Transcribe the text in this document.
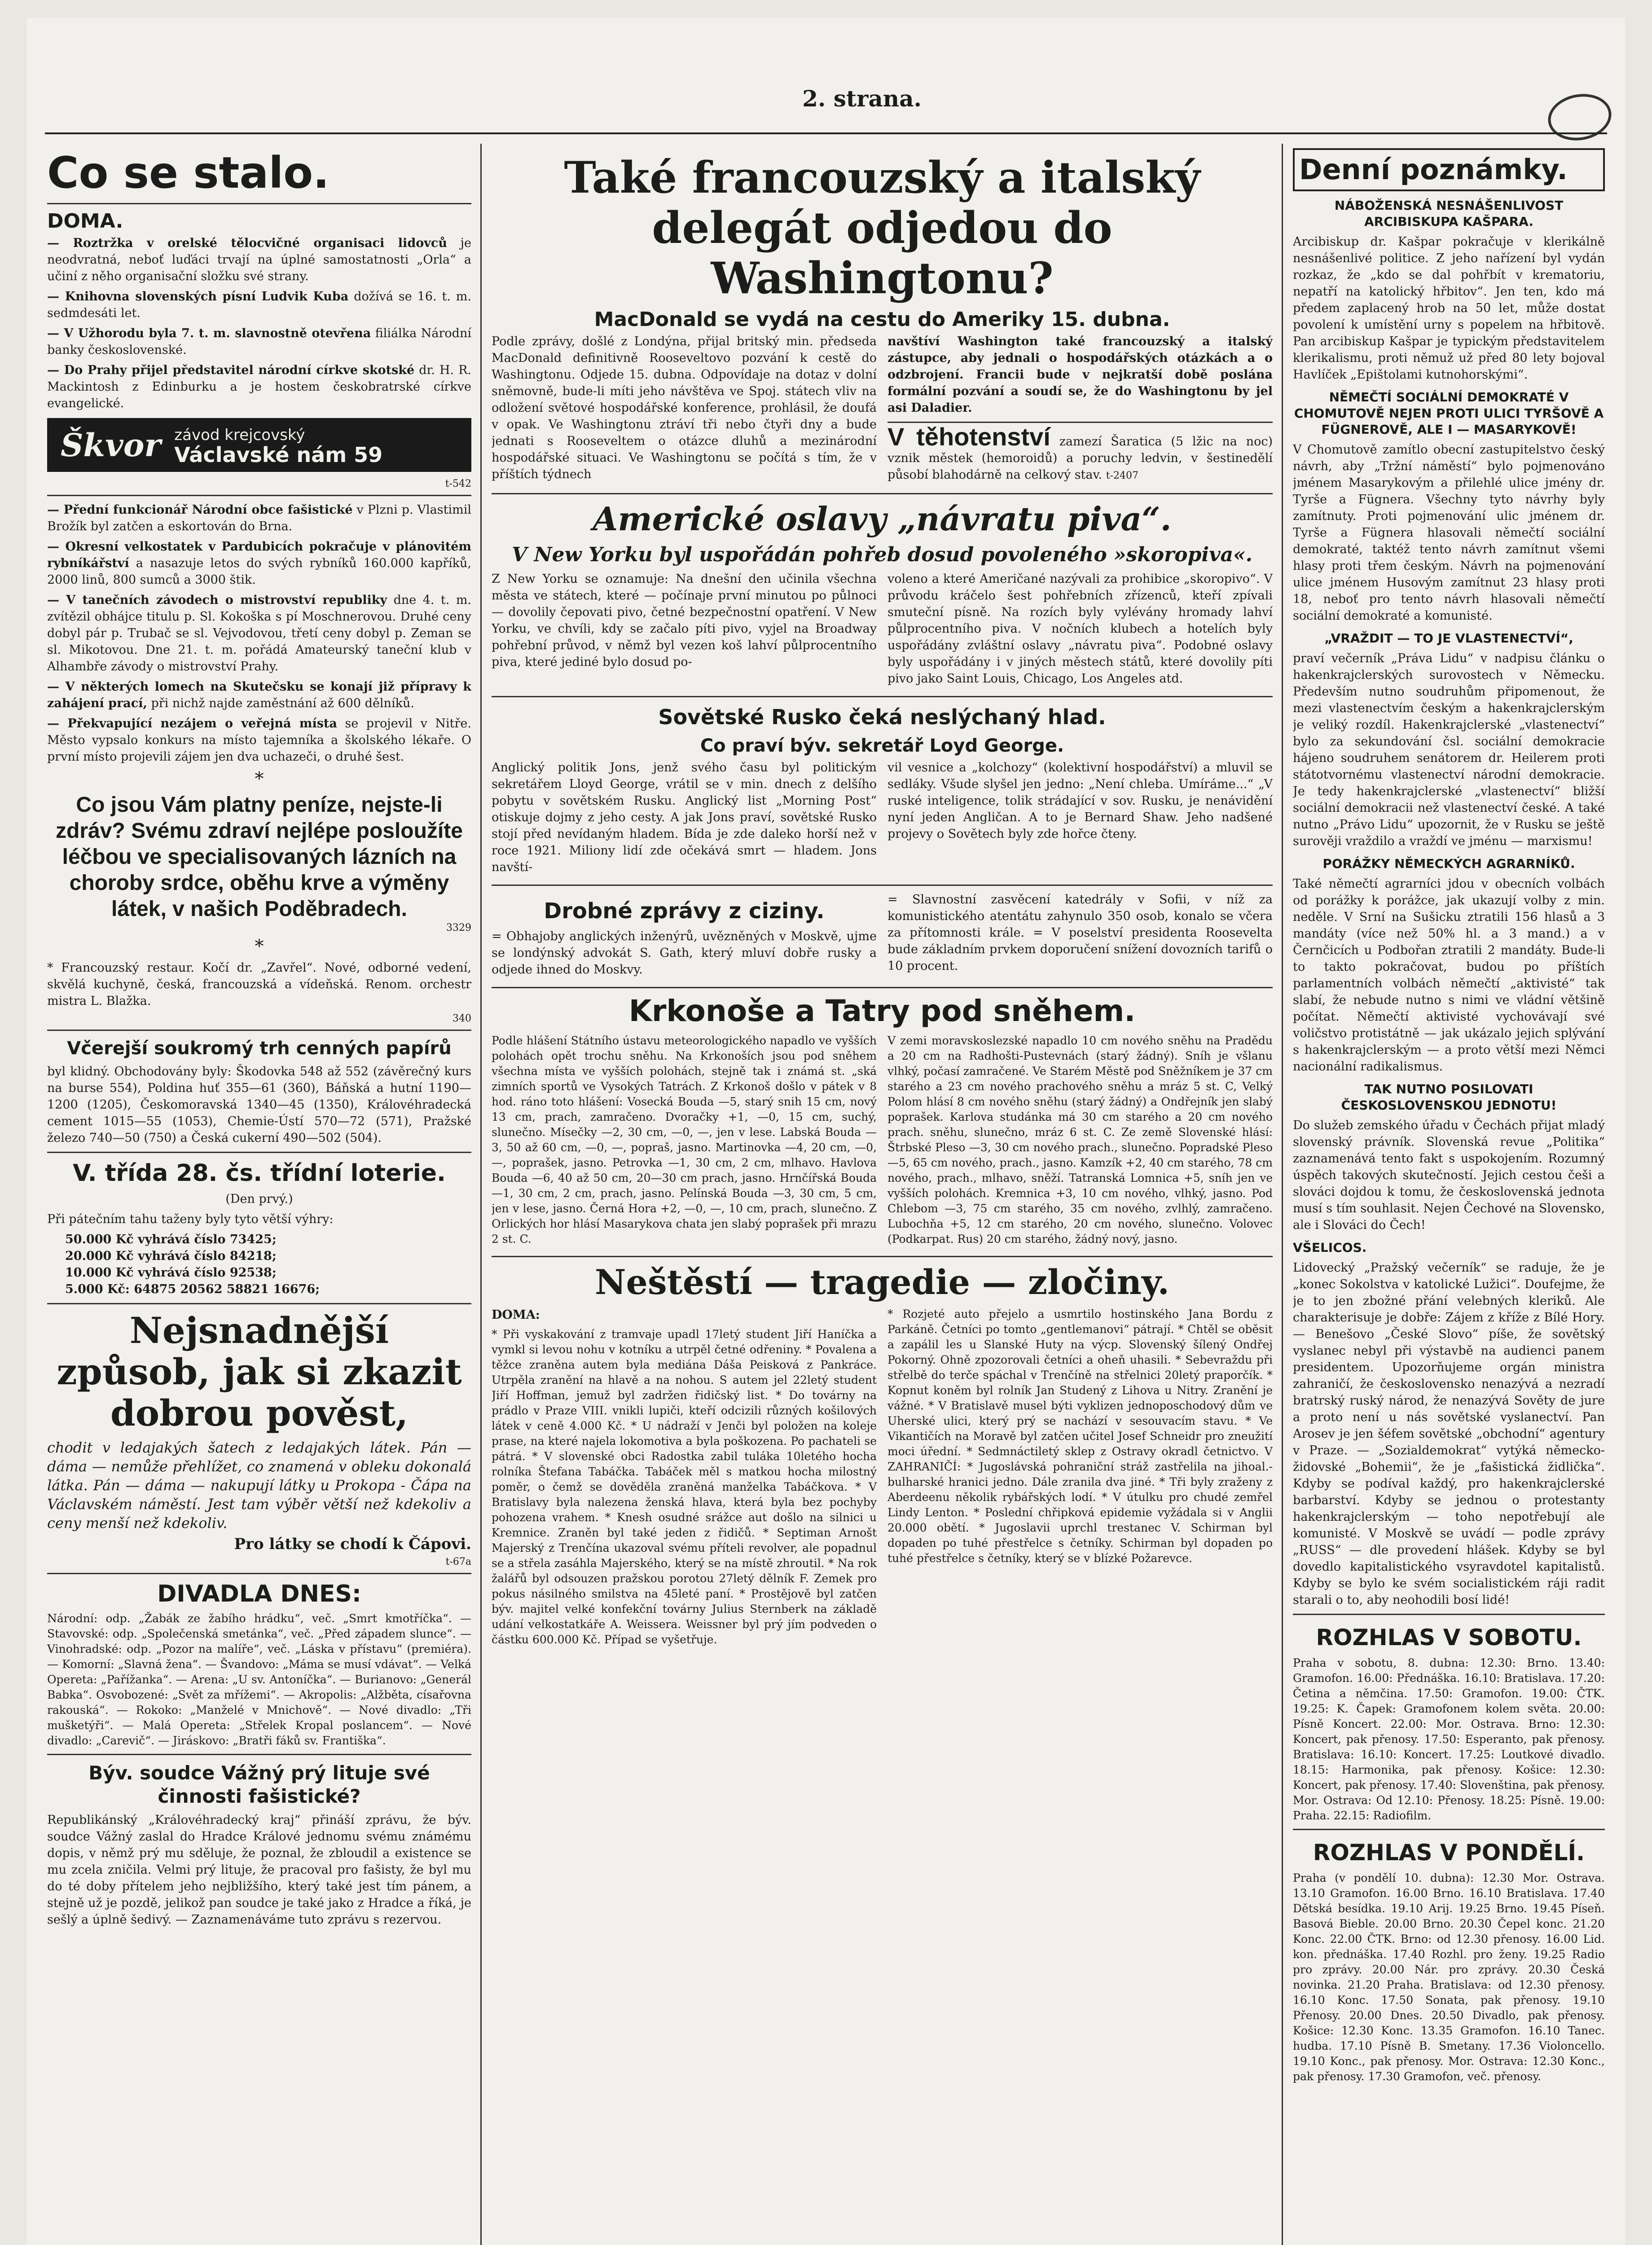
2. strana.
Co se stalo.
DOMA.
— Roztržka v orelské tělocvičné organisaci lidovců je neodvratná, neboť luďáci trvají na úplné samostatnosti „Orla“ a učiní z něho organisační složku své strany.
— Knihovna slovenských písní Ludvik Kuba dožívá se 16. t. m. sedmdesáti let.
— V Užhorodu byla 7. t. m. slavnostně otevřena filiálka Národní banky československé.
— Do Prahy přijel představitel národní církve skotské dr. H. R. Mackintosh z Edinburku a je hostem českobratrské církve evangelické.
Škvor závod krejcovský
Václavské nám 59
t-542
— Přední funkcionář Národní obce fašistické v Plzni p. Vlastimil Brožík byl zatčen a eskortován do Brna.
— Okresní velkostatek v Pardubicích pokračuje v plánovitém rybníkářství a nasazuje letos do svých rybníků 160.000 kapříků, 2000 linů, 800 sumců a 3000 štik.
— V tanečních závodech o mistrovství republiky dne 4. t. m. zvítězil obhájce titulu p. Sl. Kokoška s pí Moschnerovou. Druhé ceny dobyl pár p. Trubač se sl. Vejvodovou, třetí ceny dobyl p. Zeman se sl. Mikotovou. Dne 21. t. m. pořádá Amateurský taneční klub v Alhambře závody o mistrovství Prahy.
— V některých lomech na Skutečsku se konají již přípravy k zahájení prací, při nichž najde zaměstnání až 600 dělníků.
— Překvapující nezájem o veřejná místa se projevil v Nitře. Město vypsalo konkurs na místo tajemníka a školského lékaře. O první místo projevili zájem jen dva uchazeči, o druhé šest.
*
Co jsou Vám platny peníze, nejste-li zdráv? Svému zdraví nejlépe posloužíte léčbou ve specialisovaných lázních na choroby srdce, oběhu krve a výměny látek, v našich Poděbradech.
3329
*
* Francouzský restaur. Kočí dr. „Zavřel“. Nové, odborné vedení, skvělá kuchyně, česká, francouzská a vídeňská. Renom. orchestr mistra L. Blažka.
340
Včerejší soukromý trh cenných papírů
byl klidný. Obchodovány byly: Škodovka 548 až 552 (závěrečný kurs na burse 554), Poldina huť 355—61 (360), Báňská a hutní 1190—1200 (1205), Českomoravská 1340—45 (1350), Královéhradecká cement 1015—55 (1053), Chemie-Ústí 570—72 (571), Pražské železo 740—50 (750) a Česká cukerní 490—502 (504).
V. třída 28. čs. třídní loterie.
(Den prvý.)
Při pátečním tahu taženy byly tyto větší výhry:
50.000 Kč vyhrává číslo 73425;
20.000 Kč vyhrává číslo 84218;
10.000 Kč vyhrává číslo 92538;
5.000 Kč: 64875 20562 58821 16676;
Nejsnadnější způsob, jak si zkazit dobrou pověst,
chodit v ledajakých šatech z ledajakých látek. Pán — dáma — nemůže přehlížet, co znamená v obleku dokonalá látka. Pán — dáma — nakupují látky u Prokopa - Čápa na Václavském náměstí. Jest tam výběr větší než kdekoliv a ceny menší než kdekoliv.
Pro látky se chodí k Čápovi.
t-67a
DIVADLA DNES:
Národní: odp. „Žabák ze žabího hrádku“, več. „Smrt kmotříčka“. — Stavovské: odp. „Společenská smetánka“, več. „Před západem slunce“. — Vinohradské: odp. „Pozor na malíře“, več. „Láska v přístavu“ (premiéra). — Komorní: „Slavná žena“. — Švandovo: „Máma se musí vdávat“. — Velká Opereta: „Pařížanka“. — Arena: „U sv. Antoníčka“. — Burianovo: „Generál Babka“. Osvobozené: „Svět za mřížemi“. — Akropolis: „Alžběta, císařovna rakouská“. — Rokoko: „Manželé v Mnichově“. — Nové divadlo: „Tři mušketýři“. — Malá Opereta: „Střelek Kropal poslancem“. — Nové divadlo: „Carevič“. — Jiráskovo: „Bratři fáků sv. Františka“.
Býv. soudce Vážný prý lituje své činnosti fašistické?
Republikánský „Královéhradecký kraj“ přináší zprávu, že býv. soudce Vážný zaslal do Hradce Králové jednomu svému známému dopis, v němž prý mu sděluje, že poznal, že zbloudil a existence se mu zcela zničila. Velmi prý lituje, že pracoval pro fašisty, že byl mu do té doby přítelem jeho nejbližšího, který také jest tím pánem, a stejně už je pozdě, jelikož pan soudce je také jako z Hradce a říká, je sešlý a úplně šedivý. — Zaznamenáváme tuto zprávu s rezervou.
Také francouzský a italský delegát odjedou do Washingtonu?
MacDonald se vydá na cestu do Ameriky 15. dubna.
Podle zprávy, došlé z Londýna, přijal britský min. předseda MacDonald definitivně Rooseveltovo pozvání k cestě do Washingtonu. Odjede 15. dubna. Odpovídaje na dotaz v dolní sněmovně, bude-li míti jeho návštěva ve Spoj. státech vliv na odložení světové hospodářské konference, prohlásil, že doufá v opak. Ve Washingtonu ztráví tři nebo čtyři dny a bude jednati s Rooseveltem o otázce dluhů a mezinárodní hospodářské situaci. Ve Washingtonu se počítá s tím, že v příštích týdnech
navštíví Washington také francouzský a italský zástupce, aby jednali o hospodářských otázkách a o odzbrojení. Francii bude v nejkratší době poslána formální pozvání a soudí se, že do Washingtonu by jel asi Daladier.
V těhotenství zamezí Šaratica (5 lžic na noc) vznik městek (hemoroidů) a poruchy ledvin, v šestinedělí působí blahodárně na celkový stav. t-2407
Americké oslavy „návratu piva“.
V New Yorku byl uspořádán pohřeb dosud povoleného »skoropiva«.
Z New Yorku se oznamuje: Na dnešní den učinila všechna města ve státech, které — počínaje první minutou po půlnoci — dovolily čepovati pivo, četné bezpečnostní opatření. V New Yorku, ve chvíli, kdy se začalo píti pivo, vyjel na Broadway pohřební průvod, v němž byl vezen koš lahví půlprocentního piva, které jediné bylo dosud po-
voleno a které Američané nazývali za prohibice „skoropivo“. V průvodu kráčelo šest pohřebních zřízenců, kteří zpívali smuteční písně. Na rozích byly vylévány hromady lahví půlprocentního piva. V nočních klubech a hotelích byly uspořádány zvláštní oslavy „návratu piva“. Podobné oslavy byly uspořádány i v jiných městech států, které dovolily píti pivo jako Saint Louis, Chicago, Los Angeles atd.
Sovětské Rusko čeká neslýchaný hlad.
Co praví býv. sekretář Loyd George.
Anglický politik Jons, jenž svého času byl politickým sekretářem Lloyd George, vrátil se v min. dnech z delšího pobytu v sovětském Rusku. Anglický list „Morning Post“ otiskuje dojmy z jeho cesty. A jak Jons praví, sovětské Rusko stojí před nevídaným hladem. Bída je zde daleko horší než v roce 1921. Miliony lidí zde očekává smrt — hladem. Jons navští-
vil vesnice a „kolchozy“ (kolektivní hospodářství) a mluvil se sedláky. Všude slyšel jen jedno: „Není chleba. Umíráme...“ „V ruské inteligence, tolik strádající v sov. Rusku, je nenávidění nyní jeden Angličan. A to je Bernard Shaw. Jeho nadšené projevy o Sovětech byly zde hořce čteny.
Drobné zprávy z ciziny.
= Obhajoby anglických inženýrů, uvězněných v Moskvě, ujme se londýnský advokát S. Gath, který mluví dobře rusky a odjede ihned do Moskvy.
= Slavnostní zasvěcení katedrály v Sofii, v níž za komunistického atentátu zahynulo 350 osob, konalo se včera za přítomnosti krále. = V poselství presidenta Rooseveltа bude základním prvkem doporučení snížení dovozních tarifů o 10 procent.
Krkonoše a Tatry pod sněhem.
Podle hlášení Státního ústavu meteorologického napadlo ve vyšších polohách opět trochu sněhu. Na Krkonoších jsou pod sněhem všechna místa ve vyšších polohách, stejně tak i známá st. „ská zimních sportů ve Vysokých Tatrách. Z Krkonoš došlo v pátek v 8 hod. ráno toto hlášení: Vosecká Bouda —5, starý snih 15 cm, nový 13 cm, prach, zamračeno. Dvoračky +1, —0, 15 cm, suchý, slunečno. Mísečky —2, 30 cm, —0, —, jen v lese. Labská Bouda —3, 50 až 60 cm, —0, —, popraš, jasno. Martinovka —4, 20 cm, —0, —, poprašek, jasno. Petrovka —1, 30 cm, 2 cm, mlhavo. Havlova Bouda —6, 40 až 50 cm, 20—30 cm prach, jasno. Hrnčířská Bouda —1, 30 cm, 2 cm, prach, jasno. Pelínská Bouda —3, 30 cm, 5 cm, jen v lese, jasno. Černá Hora +2, —0, —, 10 cm, prach, slunečno. Z Orlických hor hlásí Masarykova chata jen slabý poprašek při mrazu 2 st. C.
V zemi moravskoslezské napadlo 10 cm nového sněhu na Pradědu a 20 cm na Radhošti-Pustevnách (starý žádný). Sníh je všlanu vlhký, počasí zamračené. Ve Starém Městě pod Sněžníkem je 37 cm starého a 23 cm nového prachového sněhu a mráz 5 st. C, Velký Polom hlásí 8 cm nového sněhu (starý žádný) a Ondřejník jen slabý poprašek. Karlova studánka má 30 cm starého a 20 cm nového prach. sněhu, slunečno, mráz 6 st. C. Ze země Slovenské hlásí: Štrbské Pleso —3, 30 cm nového prach., slunečno. Popradské Pleso —5, 65 cm nového, prach., jasno. Kamzík +2, 40 cm starého, 78 cm nového, prach., mlhavo, sněží. Tatranská Lomnica +5, sníh jen ve vyšších polohách. Kremnica +3, 10 cm nového, vlhký, jasno. Pod Chlebom —3, 75 cm starého, 35 cm nového, zvlhlý, zamračeno. Lubochňa +5, 12 cm starého, 20 cm nového, slunečno. Volovec (Podkarpat. Rus) 20 cm starého, žádný nový, jasno.
Neštěstí — tragedie — zločiny.
DOMA:
* Při vyskakování z tramvaje upadl 17letý student Jiří Haníčka a vymkl si levou nohu v kotníku a utrpěl četné odřeniny. * Povalena a těžce zraněna autem byla mediána Dáša Peisková z Pankráce. Utrpěla zranění na hlavě a na nohou. S autem jel 22letý student Jiří Hoffman, jemuž byl zadržen řidičský list. * Do továrny na prádlo v Praze VIII. vnikli lupiči, kteří odcizili různých košilových látek v ceně 4.000 Kč. * U nádraží v Jenči byl položen na koleje prase, na které najela lokomotiva a byla poškozena. Po pachateli se pátrá. * V slovenské obci Radostka zabil tuláka 10letého hocha rolníka Štefana Tabáčka. Tabáček měl s matkou hocha milostný poměr, o čemž se dověděla zraněná manželka Tabáčkova. * V Bratislavy byla nalezena ženská hlava, která byla bez pochyby pohozena vrahem. * Knesh osudné srážce aut došlo na silnici u Kremnice. Zraněn byl také jeden z řidičů. * Septiman Arnošt Majerský z Trenčína ukazoval svému příteli revolver, ale popadnul se a střela zasáhla Majerského, který se na místě zhroutil. * Na rok žalářů byl odsouzen pražskou porotou 27letý dělník F. Zemek pro pokus násilného smilstva na 45leté paní. * Prostějově byl zatčen býv. majitel velké konfekční továrny Julius Sternberk na základě udání velkostatkáře A. Weissera. Weissner byl prý jím podveden o částku 600.000 Kč. Případ se vyšetřuje.
* Rozjeté auto přejelo a usmrtilo hostinského Jana Bordu z Parkáně. Četníci po tomto „gentlemanovi“ pátrají. * Chtěl se oběsit a zapálil les u Slanské Huty na výcp. Slovenský šílený Ondřej Pokorný. Ohně zpozorovali četníci a oheň uhasili. * Sebevraždu při střelbě do terče spáchal v Trenčíně na střelnici 20letý praporčík. * Kopnut koněm byl rolník Jan Studený z Lihova u Nitry. Zranění je vážné. * V Bratislavě musel býti vyklizen jednoposchodový dům ve Uherské ulici, který prý se nachází v sesouvacím stavu. * Ve Vikantičích na Moravě byl zatčen učitel Josef Schneidr pro zneužití moci úřední. * Sedmnáctiletý sklep z Ostravy okradl četnictvo. V ZAHRANIČÍ: * Jugoslávská pohraniční stráž zastřelila na jihoal.-bulharské hranici jedno. Dále zranila dva jiné. * Tři byly zraženy z Aberdeenu několik rybářských lodí. * V útulku pro chudé zemřel Lindy Lenton. * Poslední chřipková epidemie vyžádala si v Anglii 20.000 obětí. * Jugoslavii uprchl trestanec V. Schirman byl dopaden po tuhé přestřelce s četníky. Schirman byl dopaden po tuhé přestřelce s četníky, který se v blízké Požarevce.
Denní poznámky.
NÁBOŽENSKÁ NESNÁŠENLIVOST ARCIBISKUPA KAŠPARA.
Arcibiskup dr. Kašpar pokračuje v klerikálně nesnášenlivé politice. Z jeho nařízení byl vydán rozkaz, že „kdo se dal pohřbít v krematoriu, nepatří na katolický hřbitov“. Jen ten, kdo má předem zaplacený hrob na 50 let, může dostat povolení k umístění urny s popelem na hřbitově. Pan arcibiskup Kašpar je typickým představitelem klerikalismu, proti němuž už před 80 lety bojoval Havlíček „Epištolami kutnohorskými“.
NĚMEČTÍ SOCIÁLNÍ DEMOKRATÉ V CHOMUTOVĚ NEJEN PROTI ULICI TYRŠOVĚ A FÜGNEROVĚ, ALE I — MASARYKOVĚ!
V Chomutově zamítlo obecní zastupitelstvo český návrh, aby „Tržní náměstí“ bylo pojmenováno jménem Masarykovým a přilehlé ulice jmény dr. Tyrše a Fügnera. Všechny tyto návrhy byly zamítnuty. Proti pojmenování ulic jménem dr. Tyrše a Fügnera hlasovali němečtí sociální demokraté, taktéž tento návrh zamítnut všemi hlasy proti třem českým. Návrh na pojmenování ulice jménem Husovým zamítnut 23 hlasy proti 18, neboť pro tento návrh hlasovali němečtí sociální demokraté a komunisté.
„VRAŽDIT — TO JE VLASTENECTVÍ“,
praví večerník „Práva Lidu“ v nadpisu článku o hakenkrajclerských surovostech v Německu. Především nutno soudruhům připomenout, že mezi vlastenectvím českým a hakenkrajclerským je veliký rozdíl. Hakenkrajclerské „vlastenectví“ bylo za sekundování čsl. sociální demokracie hájeno soudruhem senátorem dr. Heilerem proti státotvornému vlastenectví národní demokracie. Je tedy hakenkrajclerské „vlastenectví“ bližší sociální demokracii než vlastenectví české. A také nutno „Právo Lidu“ upozornit, že v Rusku se ještě surověji vraždilo a vraždí ve jménu — marxismu!
PORÁŽKY NĚMECKÝCH AGRARNÍKŮ.
Také němečtí agrarníci jdou v obecních volbách od porážky k porážce, jak ukazují volby z min. neděle. V Srní na Sušicku ztratili 156 hlasů a 3 mandáty (více než 50% hl. a 3 mand.) a v Černčicích u Podbořan ztratili 2 mandáty. Bude-li to takto pokračovat, budou po příštích parlamentních volbách němečtí „aktivisté“ tak slabí, že nebude nutno s nimi ve vládní většině počítat. Němečtí aktivisté vychovávají své voličstvo protistátně — jak ukázalo jejich splývání s hakenkrajclerským — a proto větší mezi Němci nacionální radikalismus.
TAK NUTNO POSILOVATI ČESKOSLOVENSKOU JEDNOTU!
Do služeb zemského úřadu v Čechách přijat mladý slovenský právník. Slovenská revue „Politika“ zaznamenává tento fakt s uspokojením. Rozumný úspěch takových skutečností. Jejich cestou češi a slováci dojdou k tomu, že československá jednota musí s tím souhlasit. Nejen Čechové na Slovensko, ale i Slováci do Čech!
VŠELICOS.
Lidovecký „Pražský večerník“ se raduje, že je „konec Sokolstva v katolické Lužici“. Doufejme, že je to jen zbožné přání velebných kleriků. Ale charakterisuje je dobře: Zájem z kříže z Bílé Hory. — Benešovo „České Slovo“ píše, že sovětský vyslanec nebyl při výstavbě na audienci panem presidentem. Upozorňujeme orgán ministra zahraničí, že československo nenazývá a nezradí bratrský ruský národ, že nenazývá Sověty de jure a proto není u nás sovětské vyslanectví. Pan Arosev je jen šéfem sovětské „obchodní“ agentury v Praze. — „Sozialdemokrat“ vytýká německo-židovské „Bohemii“, že je „fašistická židlička“. Kdyby se podíval každý, pro hakenkrajclerské barbarství. Kdyby se jednou o protestanty hakenkrajclerským — toho nepotřebují ale komunisté. V Moskvě se uvádí — podle zprávy „RUSS“ — dle provedení hlášek. Kdyby se byl dovedlo kapitalistického vsyravdotel kapitalistů. Kdyby se bylo ke svém socialistickém ráji radit starali o to, aby neohodili bosí lidé!
ROZHLAS V SOBOTU.
Praha v sobotu, 8. dubna: 12.30: Brno. 13.40: Gramofon. 16.00: Přednáška. 16.10: Bratislava. 17.20: Četina a němčina. 17.50: Gramofon. 19.00: ČTK. 19.25: K. Čapek: Gramofonem kolem světa. 20.00: Písně Koncert. 22.00: Mor. Ostrava. Brno: 12.30: Koncert, pak přenosy. 17.50: Esperanto, pak přenosy. Bratislava: 16.10: Koncert. 17.25: Loutkové divadlo. 18.15: Harmonika, pak přenosy. Košice: 12.30: Koncert, pak přenosy. 17.40: Slovenština, pak přenosy. Mor. Ostrava: Od 12.10: Přenosy. 18.25: Písně. 19.00: Praha. 22.15: Radiofilm.
ROZHLAS V PONDĚLÍ.
Praha (v pondělí 10. dubna): 12.30 Mor. Ostrava. 13.10 Gramofon. 16.00 Brno. 16.10 Bratislava. 17.40 Dětská besídka. 19.10 Arij. 19.25 Brno. 19.45 Píseň. Basová Bieble. 20.00 Brno. 20.30 Čepel konc. 21.20 Konc. 22.00 ČTK. Brno: od 12.30 přenosy. 16.00 Lid. kon. přednáška. 17.40 Rozhl. pro ženy. 19.25 Radio pro zprávy. 20.00 Nár. pro zprávy. 20.30 Česká novinka. 21.20 Praha. Bratislava: od 12.30 přenosy. 16.10 Konc. 17.50 Sonata, pak přenosy. 19.10 Přenosy. 20.00 Dnes. 20.50 Divadlo, pak přenosy. Košice: 12.30 Konc. 13.35 Gramofon. 16.10 Tanec. hudba. 17.10 Písně B. Smetany. 17.36 Violoncello. 19.10 Konc., pak přenosy. Mor. Ostrava: 12.30 Konc., pak přenosy. 17.30 Gramofon, več. přenosy.
